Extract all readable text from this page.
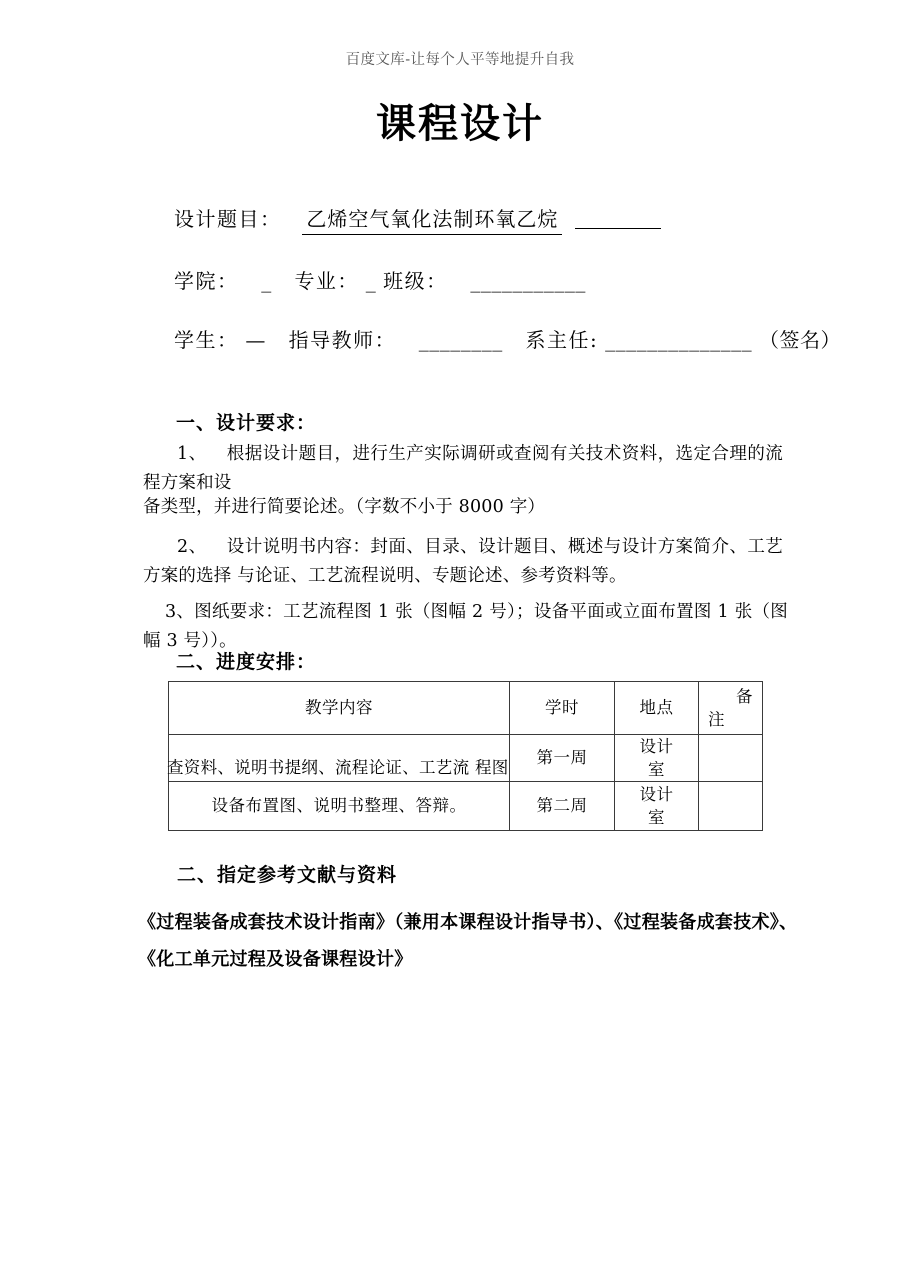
百度文库-让每个人平等地提升自我
课程设计
设计题目： 乙烯空气氧化法制环氧乙烷
学院： _ 专业： _ 班级： ___________
学生： — 指导教师： ________ 系主任: ______________ （签名）
一、设计要求：
1、 根据设计题目，进行生产实际调研或查阅有关技术资料，选定合理的流程方案和设
备类型，并进行简要论述。（字数不小于 8000 字）
2、 设计说明书内容：封面、目录、设计题目、概述与设计方案简介、工艺方案的选择 与论证、工艺流程说明、专题论述、参考资料等。
3、图纸要求：工艺流程图 1 张（图幅 2 号）；设备平面或立面布置图 1 张（图幅 3 号））。
二、进度安排：
教学内容	学时	地点	备
注

查资料、说明书提纲、流程论证、工艺流 程图	第一周	设计
室	

设备布置图、说明书整理、答辩。	第二周	设计
室	

二、指定参考文献与资料
《过程装备成套技术设计指南》（兼用本课程设计指导书）、《过程装备成套技术》、
《化工单元过程及设备课程设计》
